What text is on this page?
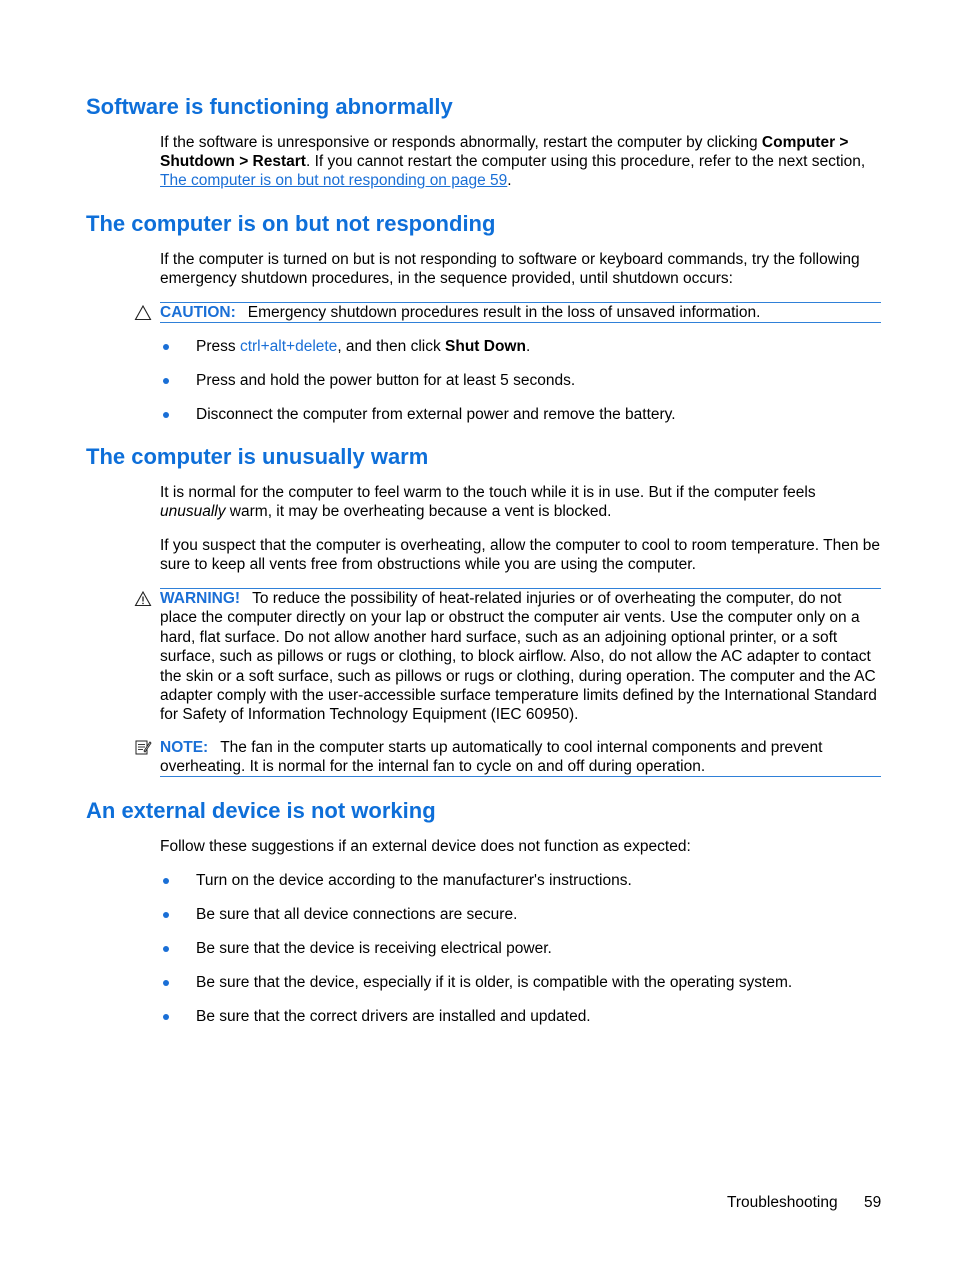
Software is functioning abnormally

If the software is unresponsive or responds abnormally, restart the computer by clicking Computer > Shutdown > Restart. If you cannot restart the computer using this procedure, refer to the next section, The computer is on but not responding on page 59.

The computer is on but not responding

If the computer is turned on but is not responding to software or keyboard commands, try the following emergency shutdown procedures, in the sequence provided, until shutdown occurs:

CAUTION: Emergency shutdown procedures result in the loss of unsaved information.
Press ctrl+alt+delete, and then click Shut Down.
Press and hold the power button for at least 5 seconds.
Disconnect the computer from external power and remove the battery.
The computer is unusually warm

It is normal for the computer to feel warm to the touch while it is in use. But if the computer feels unusually warm, it may be overheating because a vent is blocked.

If you suspect that the computer is overheating, allow the computer to cool to room temperature. Then be sure to keep all vents free from obstructions while you are using the computer.

WARNING! To reduce the possibility of heat-related injuries or of overheating the computer, do not place the computer directly on your lap or obstruct the computer air vents. Use the computer only on a hard, flat surface. Do not allow another hard surface, such as an adjoining optional printer, or a soft surface, such as pillows or rugs or clothing, to block airflow. Also, do not allow the AC adapter to contact the skin or a soft surface, such as pillows or rugs or clothing, during operation. The computer and the AC adapter comply with the user-accessible surface temperature limits defined by the International Standard for Safety of Information Technology Equipment (IEC 60950).
NOTE: The fan in the computer starts up automatically to cool internal components and prevent overheating. It is normal for the internal fan to cycle on and off during operation.
An external device is not working

Follow these suggestions if an external device does not function as expected:

Turn on the device according to the manufacturer's instructions.
Be sure that all device connections are secure.
Be sure that the device is receiving electrical power.
Be sure that the device, especially if it is older, is compatible with the operating system.
Be sure that the correct drivers are installed and updated.
Troubleshooting 59
